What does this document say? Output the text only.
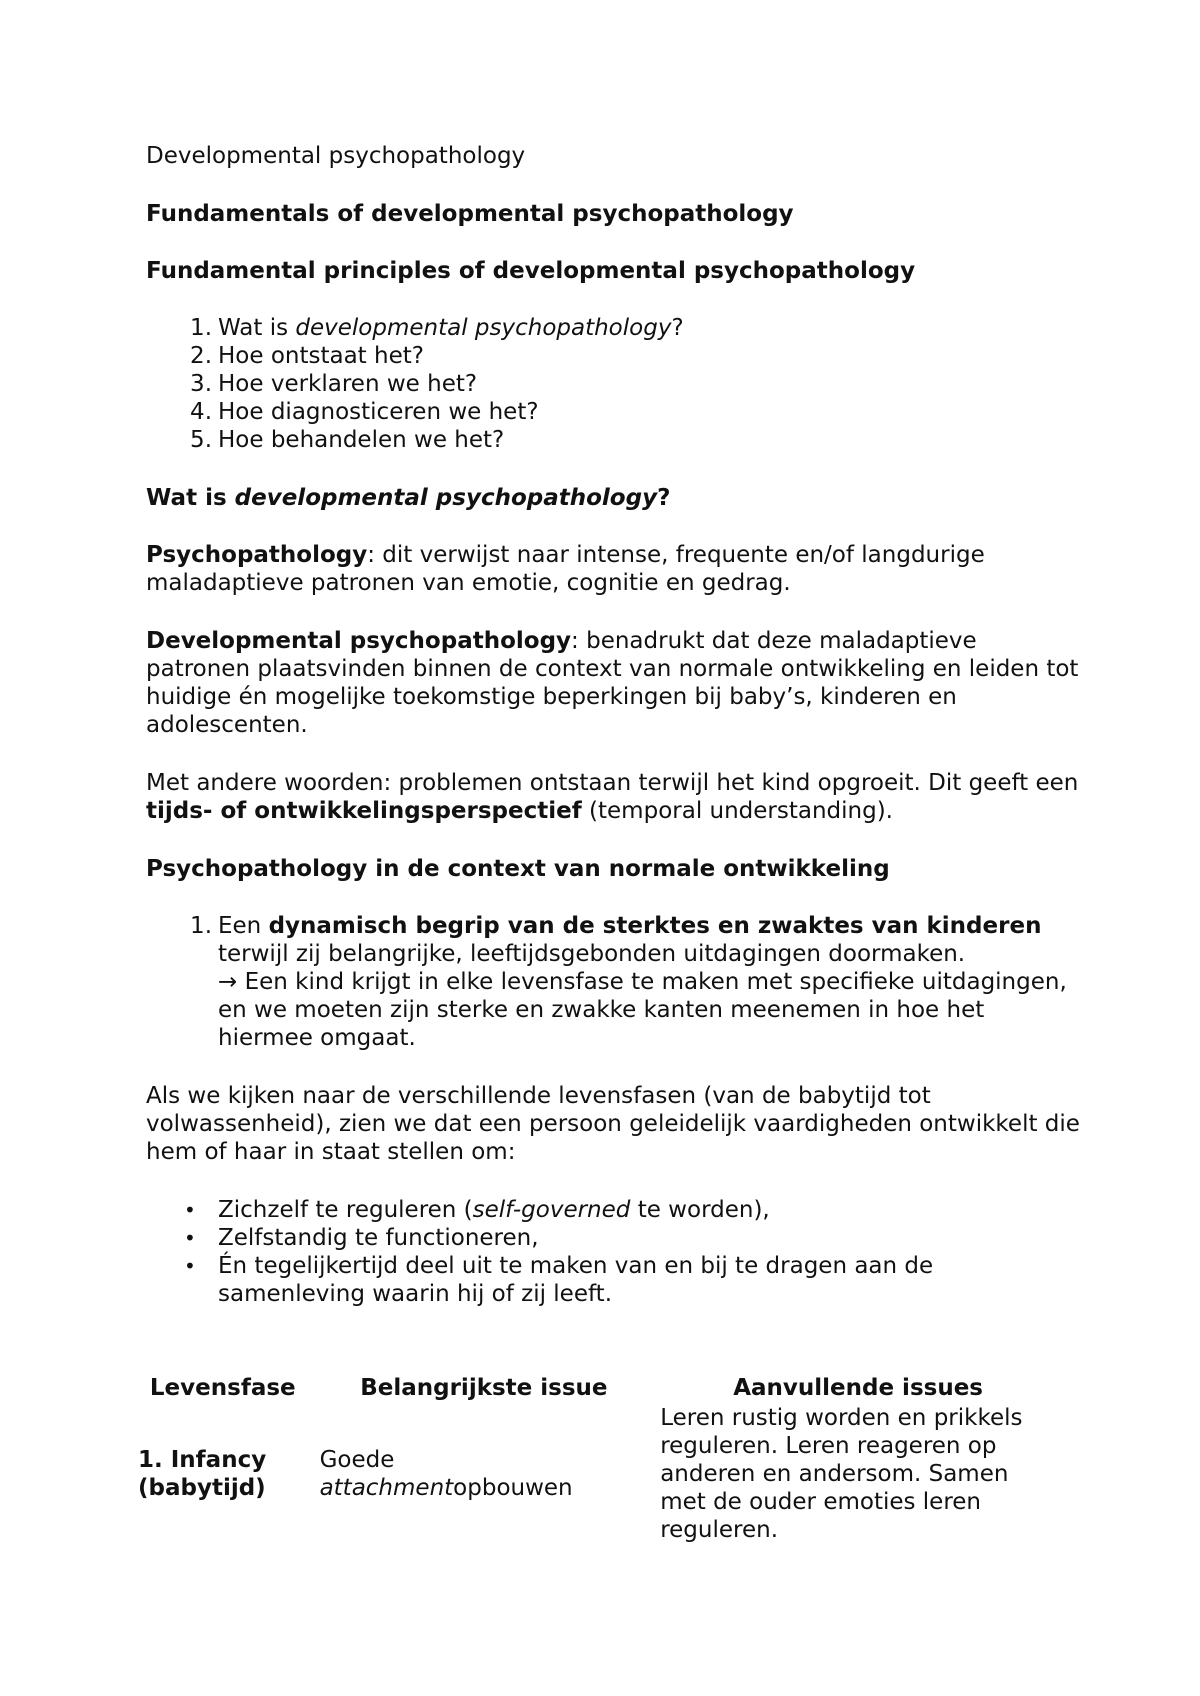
Developmental psychopathology

Fundamentals of developmental psychopathology

Fundamental principles of developmental psychopathology

1 . Wat is developmental psychopathology?
2 . Hoe ontstaat het?
3 . Hoe verklaren we het?
4 . Hoe diagnosticeren we het?
5 . Hoe behandelen we het?

Wat is developmental psychopathology?

Psychopathology: dit verwijst naar intense, frequente en/of langdurige maladaptieve patronen van emotie, cognitie en gedrag.

Developmental psychopathology: benadrukt dat deze maladaptieve patronen plaatsvinden binnen de context van normale ontwikkeling en leiden tot huidige én mogelijke toekomstige beperkingen bij baby’s, kinderen en adolescenten.

Met andere woorden: problemen ontstaan terwijl het kind opgroeit. Dit geeft een tijds- of ontwikkelingsperspectief (temporal understanding).

Psychopathology in de context van normale ontwikkeling

1 . Een dynamisch begrip van de sterktes en zwaktes van kinderen terwijl zij belangrijke, leeftijdsgebonden uitdagingen doormaken.
→ Een kind krijgt in elke levensfase te maken met specifieke uitdagingen, en we moeten zijn sterke en zwakke kanten meenemen in hoe het hiermee omgaat.

Als we kijken naar de verschillende levensfasen (van de babytijd tot volwassenheid), zien we dat een persoon geleidelijk vaardigheden ontwikkelt die hem of haar in staat stellen om:

• Zichzelf te reguleren (self-governed te worden),
• Zelfstandig te functioneren,
• Én tegelijkertijd deel uit te maken van en bij te dragen aan de samenleving waarin hij of zij leeft.
Levensfase	Belangrijkste issue	Aanvullende issues
1. Infancy (babytijd)	Goede attachmentopbouwen	Leren rustig worden en prikkels reguleren. Leren reageren op anderen en andersom. Samen met de ouder emoties leren reguleren.
